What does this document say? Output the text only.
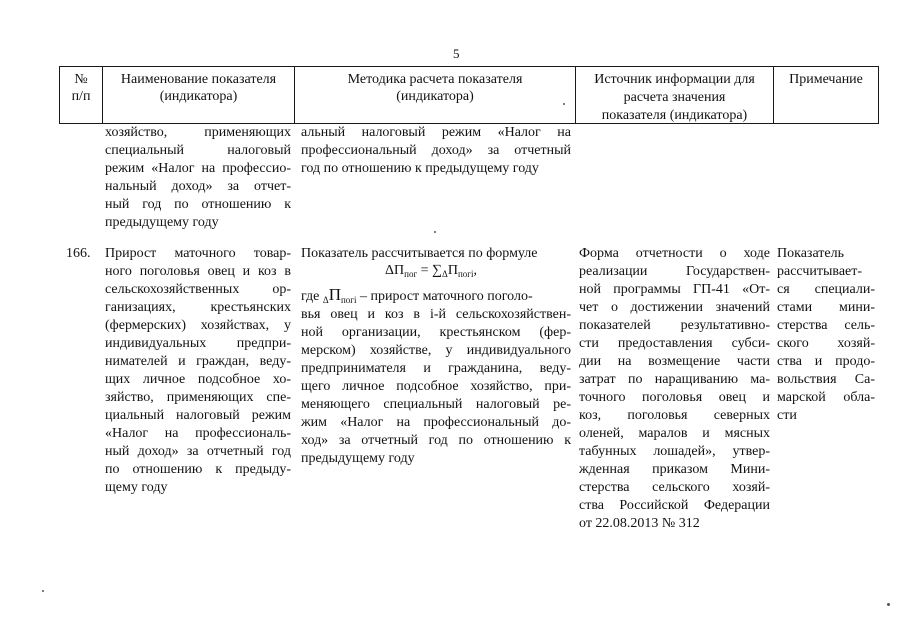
5
№
п/п
Наименование показателя
(индикатора)
Методика расчета показателя
(индикатора)
Источник информации для
расчета значения
показателя (индикатора)
Примечание
хозяйство, применяющих
специальный налоговый
режим «Налог на профессио-
нальный доход» за отчет-
ный год по отношению к
предыдущему году
альный налоговый режим «Налог на
профессиональный доход» за отчетный
год по отношению к предыдущему году
166. Прирост маточного товар-
ного поголовья овец и коз в
сельскохозяйственных ор-
ганизациях, крестьянских
(фермерских) хозяйствах, у
индивидуальных предпри-
нимателей и граждан, веду-
щих личное подсобное хо-
зяйство, применяющих спе-
циальный налоговый режим
«Налог на профессиональ-
ный доход» за отчетный год
по отношению к предыду-
щему году
Показатель рассчитывается по формуле
$\Delta П_{пог} = \sum_\Delta П_{погi}$,
где $_\Delta П_{погi}$ – прирост маточного поголо-
вья овец и коз в i-й сельскохозяйствен-
ной организации, крестьянском (фер-
мерском) хозяйстве, у индивидуального
предпринимателя и гражданина, веду-
щего личное подсобное хозяйство, при-
меняющего специальный налоговый ре-
жим «Налог на профессиональный до-
ход» за отчетный год по отношению к
предыдущему году
Форма отчетности о ходе
реализации Государствен-
ной программы ГП-41 «От-
чет о достижении значений
показателей результативно-
сти предоставления субси-
дии на возмещение части
затрат по наращиванию ма-
точного поголовья овец и
коз, поголовья северных
оленей, маралов и мясных
табунных лошадей», утвер-
жденная приказом Мини-
стерства сельского хозяй-
ства Российской Федерации
от 22.08.2013 № 312
Показатель
рассчитывает-
ся специали-
стами мини-
стерства сель-
ского хозяй-
ства и продо-
вольствия Са-
марской обла-
сти
